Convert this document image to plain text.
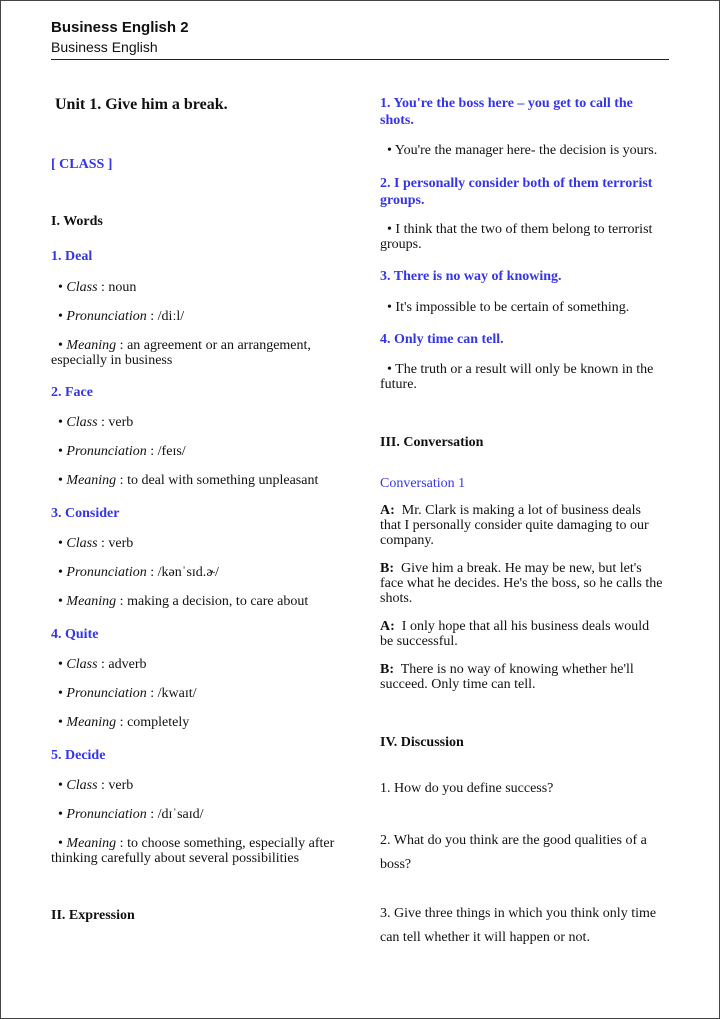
Business English 2
Business English
Unit 1. Give him a break.
[ CLASS ]
I. Words
1. Deal
• Class : noun
• Pronunciation : /diːl/
• Meaning : an agreement or an arrangement, especially in business
2. Face
• Class : verb
• Pronunciation : /feɪs/
• Meaning : to deal with something unpleasant
3. Consider
• Class : verb
• Pronunciation : /kənˈsɪd.ɚ/
• Meaning : making a decision, to care about
4. Quite
• Class : adverb
• Pronunciation : /kwaɪt/
• Meaning : completely
5. Decide
• Class : verb
• Pronunciation : /dɪˈsaɪd/
• Meaning : to choose something, especially after thinking carefully about several possibilities
II. Expression
1. You're the boss here – you get to call the shots.
• You're the manager here- the decision is yours.
2. I personally consider both of them terrorist groups.
• I think that the two of them belong to terrorist groups.
3. There is no way of knowing.
• It's impossible to be certain of something.
4. Only time can tell.
• The truth or a result will only be known in the future.
III. Conversation
Conversation 1
A: Mr. Clark is making a lot of business deals that I personally consider quite damaging to our company.
B: Give him a break. He may be new, but let's face what he decides. He's the boss, so he calls the shots.
A: I only hope that all his business deals would be successful.
B: There is no way of knowing whether he'll succeed. Only time can tell.
IV. Discussion
1. How do you define success?
2. What do you think are the good qualities of a boss?
3. Give three things in which you think only time can tell whether it will happen or not.
